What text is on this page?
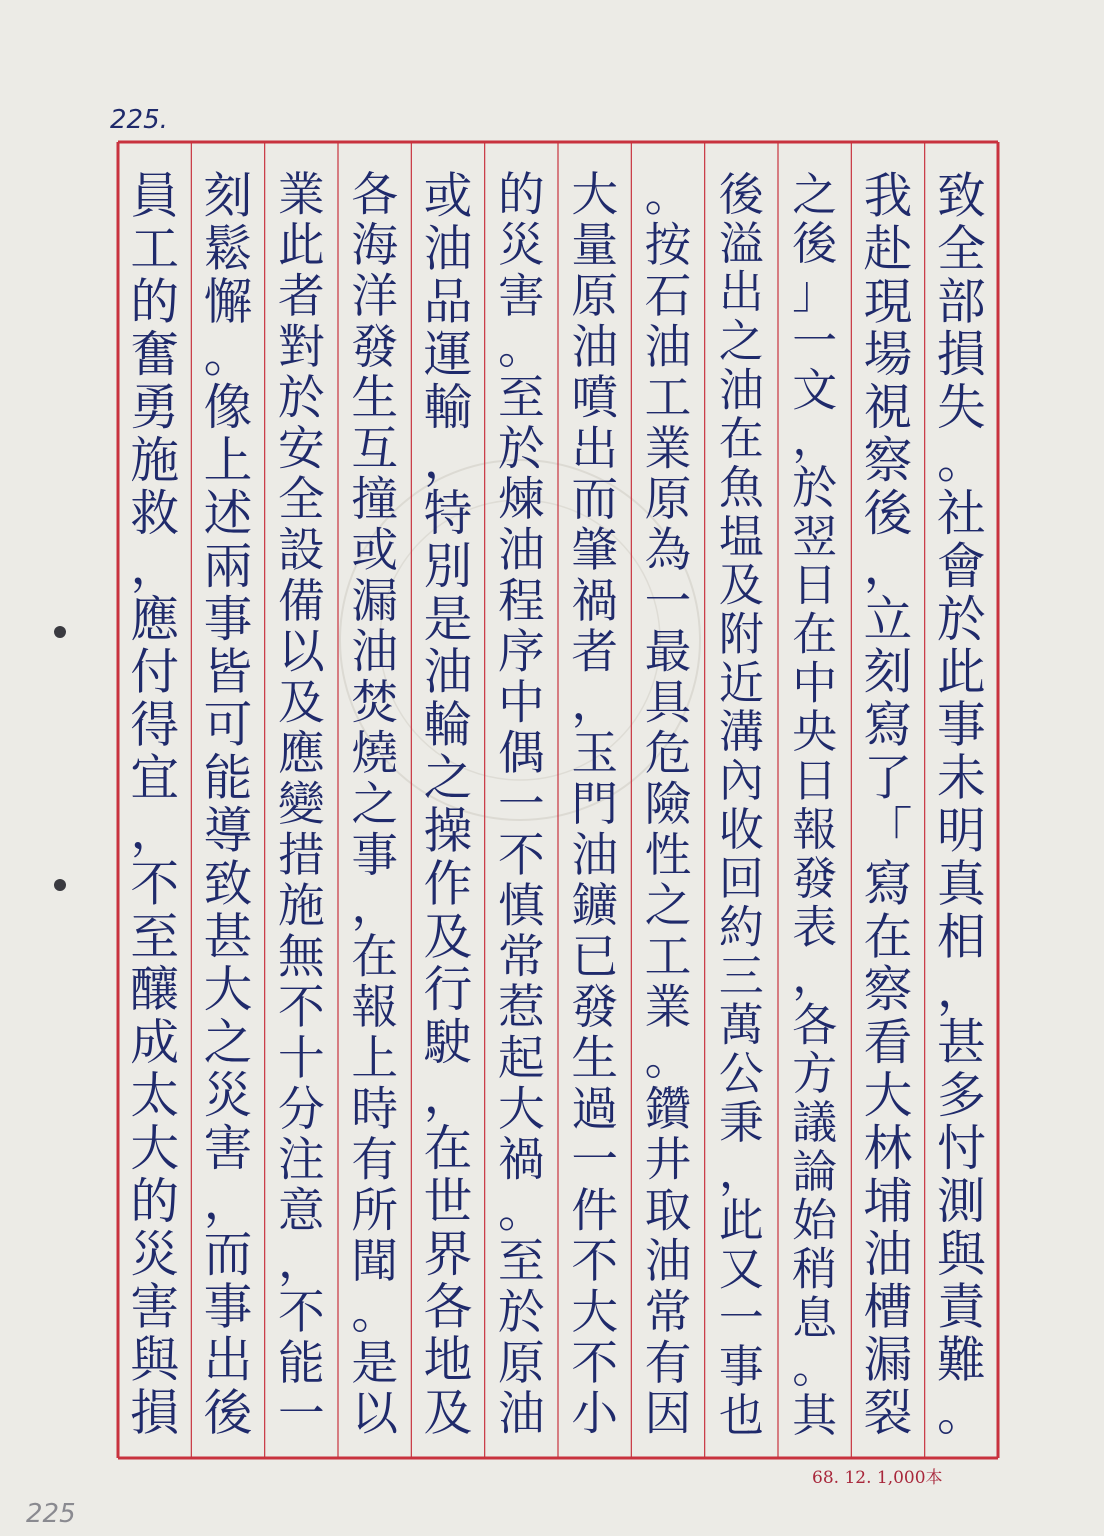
225.
225
68. 12. 1,000本
致
全
部
損
失
。
社
會
於
此
事
未
明
真
相
，
甚
多
忖
測
與
責
難
。
我
赴
現
場
視
察
後
，
立
刻
寫
了
「
寫
在
察
看
大
林
埔
油
槽
漏
裂
之
後
」
一
文
，
於
翌
日
在
中
央
日
報
發
表
，
各
方
議
論
始
稍
息
。
其
後
溢
出
之
油
在
魚
塭
及
附
近
溝
內
收
回
約
三
萬
公
秉
，
此
又
一
事
也
。
按
石
油
工
業
原
為
一
最
具
危
險
性
之
工
業
。
鑽
井
取
油
常
有
因
大
量
原
油
噴
出
而
肇
禍
者
，
玉
門
油
鑛
已
發
生
過
一
件
不
大
不
小
的
災
害
。
至
於
煉
油
程
序
中
偶
一
不
慎
常
惹
起
大
禍
。
至
於
原
油
或
油
品
運
輸
，
特
別
是
油
輪
之
操
作
及
行
駛
，
在
世
界
各
地
及
各
海
洋
發
生
互
撞
或
漏
油
焚
燒
之
事
，
在
報
上
時
有
所
聞
。
是
以
業
此
者
對
於
安
全
設
備
以
及
應
變
措
施
無
不
十
分
注
意
，
不
能
一
刻
鬆
懈
。
像
上
述
兩
事
皆
可
能
導
致
甚
大
之
災
害
，
而
事
出
後
員
工
的
奮
勇
施
救
，
應
付
得
宜
，
不
至
釀
成
太
大
的
災
害
與
損
